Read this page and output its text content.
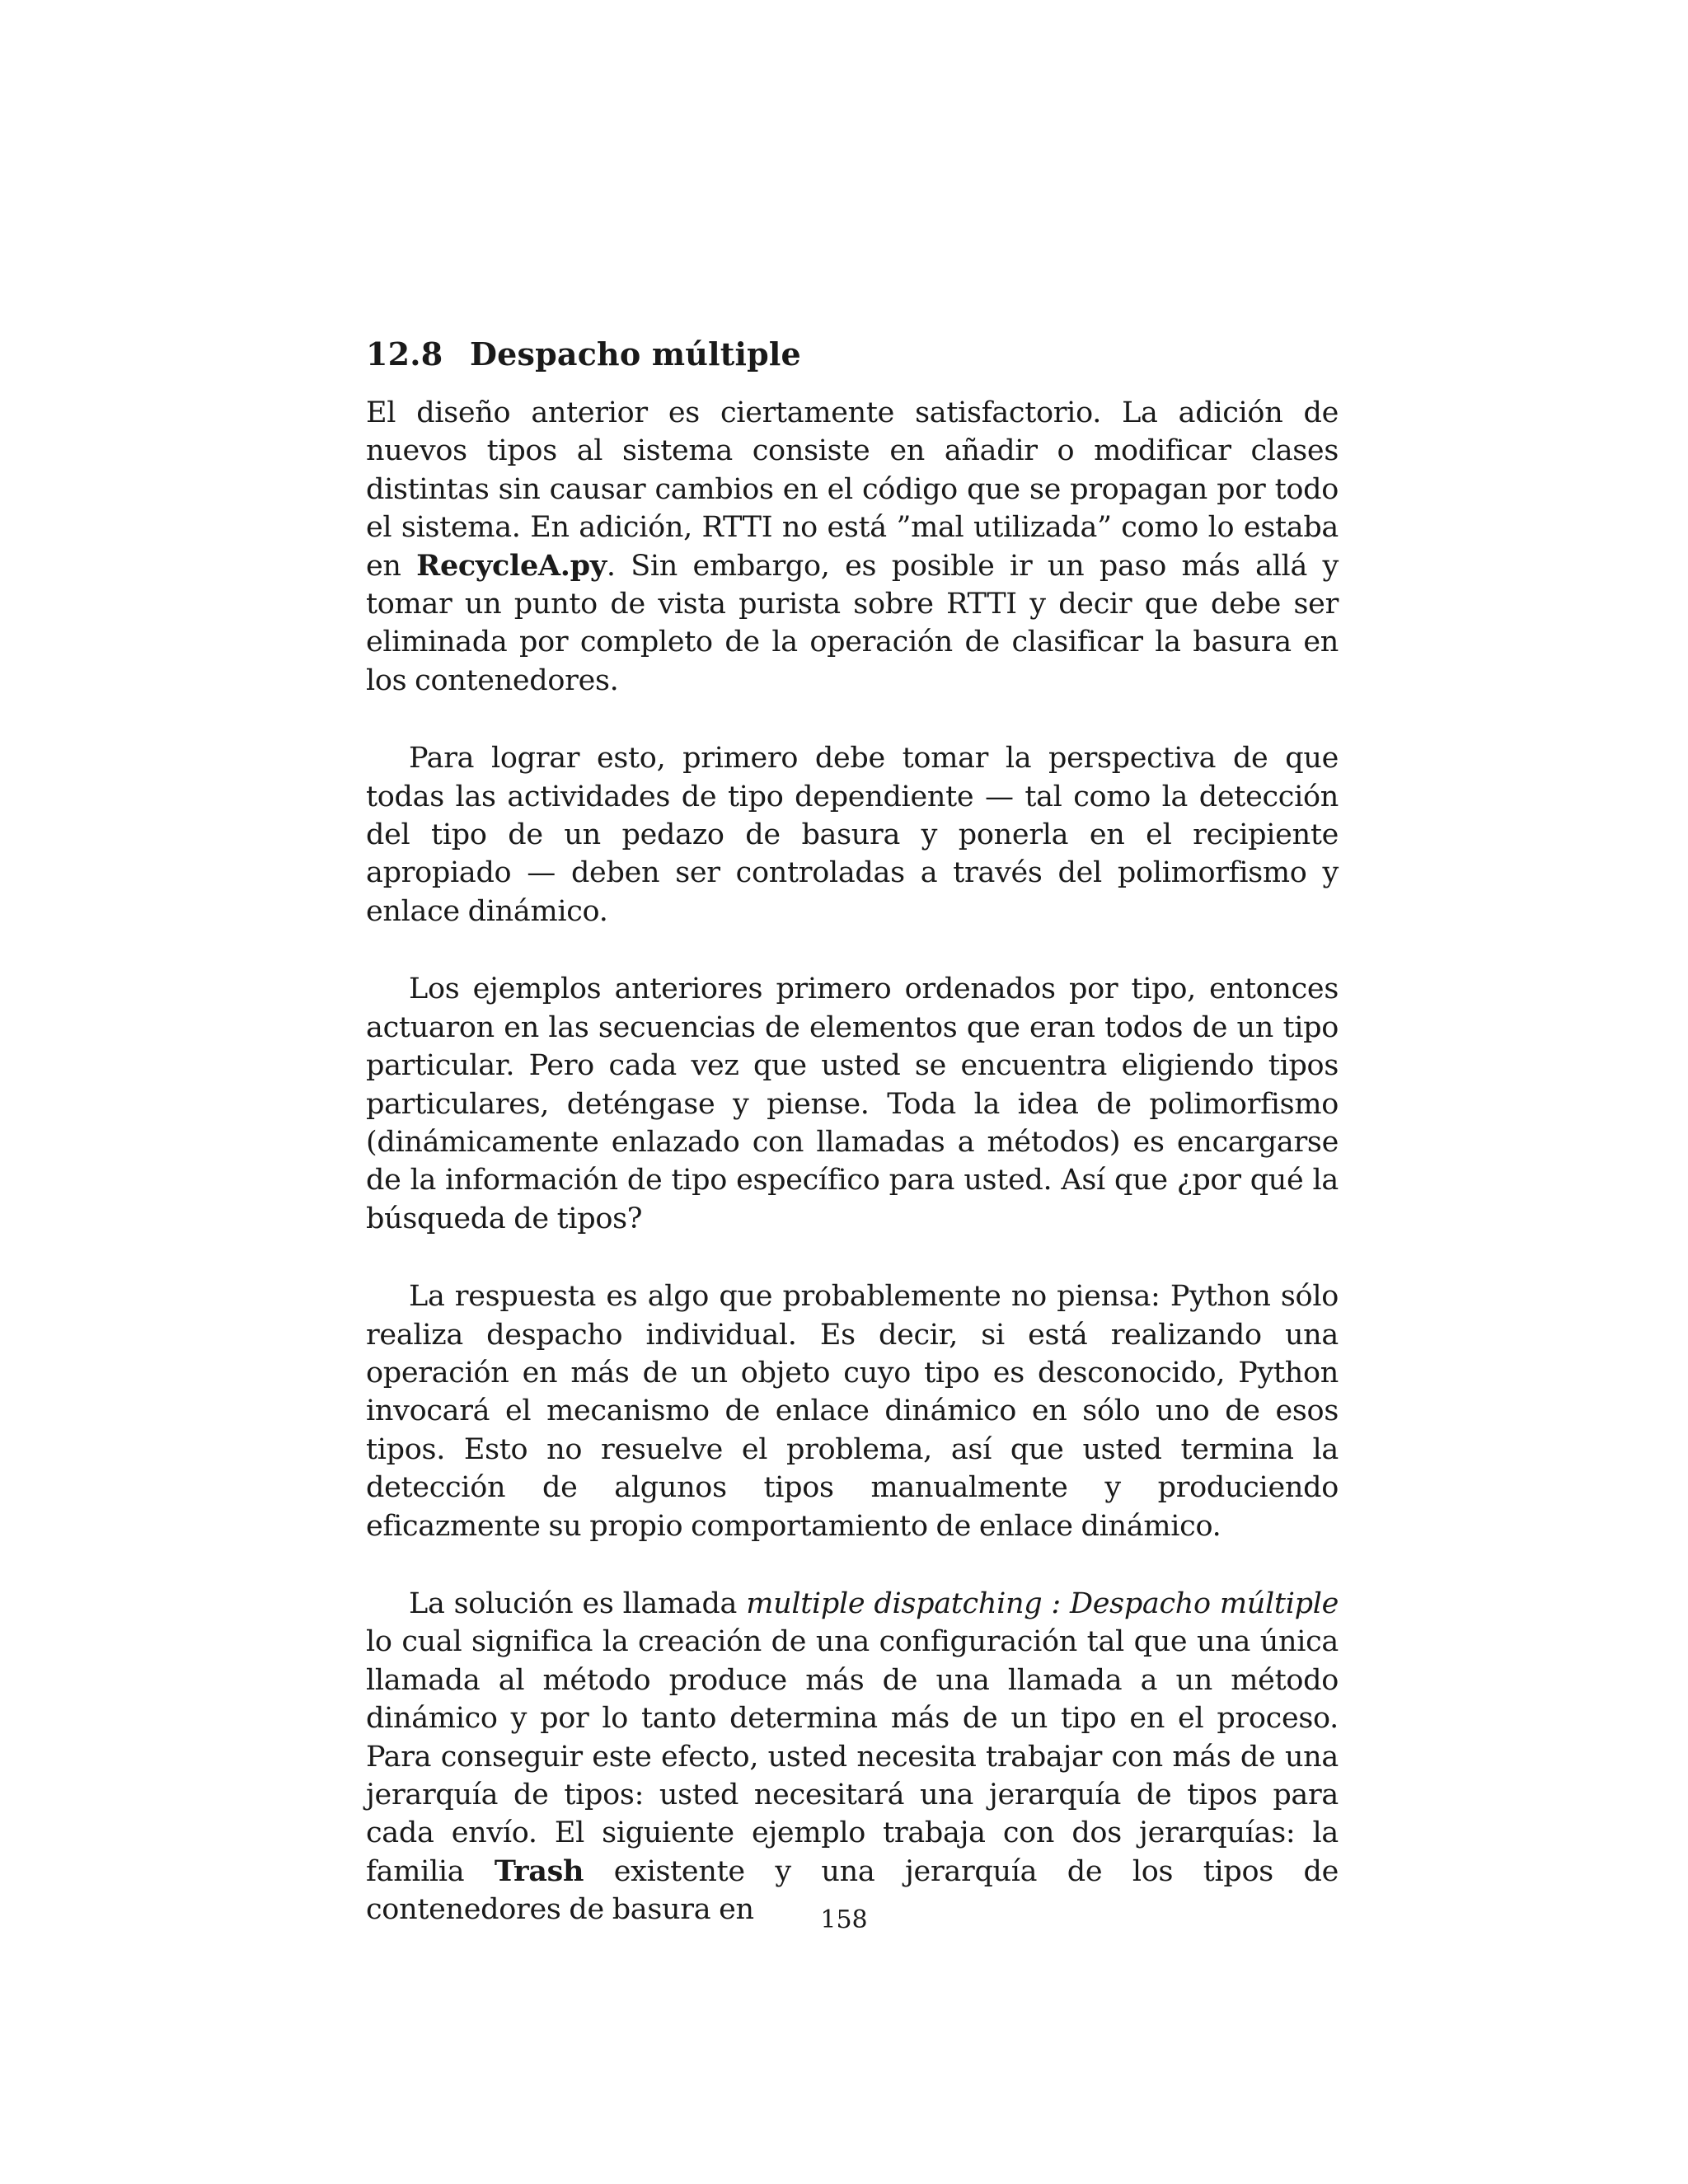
12.8 Despacho múltiple

El diseño anterior es ciertamente satisfactorio. La adición de nuevos tipos al sistema consiste en añadir o modificar clases distintas sin causar cambios en el código que se propagan por todo el sistema. En adición, RTTI no está ”mal utilizada” como lo estaba en RecycleA.py. Sin embargo, es posible ir un paso más allá y tomar un punto de vista purista sobre RTTI y decir que debe ser eliminada por completo de la operación de clasificar la basura en los contenedores.

Para lograr esto, primero debe tomar la perspectiva de que todas las actividades de tipo dependiente — tal como la detección del tipo de un pedazo de basura y ponerla en el recipiente apropiado — deben ser controladas a través del polimorfismo y enlace dinámico.

Los ejemplos anteriores primero ordenados por tipo, entonces actuaron en las secuencias de elementos que eran todos de un tipo particular. Pero cada vez que usted se encuentra eligiendo tipos particulares, deténgase y piense. Toda la idea de polimorfismo (dinámicamente enlazado con llamadas a métodos) es encargarse de la información de tipo específico para usted. Así que ¿por qué la búsqueda de tipos?

La respuesta es algo que probablemente no piensa: Python sólo realiza despacho individual. Es decir, si está realizando una operación en más de un objeto cuyo tipo es desconocido, Python invocará el mecanismo de enlace dinámico en sólo uno de esos tipos. Esto no resuelve el problema, así que usted termina la detección de algunos tipos manualmente y produciendo eficazmente su propio comportamiento de enlace dinámico.

La solución es llamada multiple dispatching : Despacho múltiple lo cual significa la creación de una configuración tal que una única llamada al método produce más de una llamada a un método dinámico y por lo tanto determina más de un tipo en el proceso. Para conseguir este efecto, usted necesita trabajar con más de una jerarquía de tipos: usted necesitará una jerarquía de tipos para cada envío. El siguiente ejemplo trabaja con dos jerarquías: la familia Trash existente y una jerarquía de los tipos de contenedores de basura en	158
